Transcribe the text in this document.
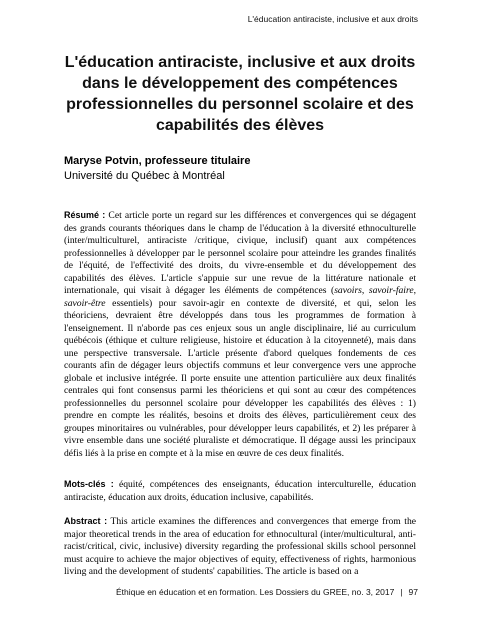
L'éducation antiraciste, inclusive et aux droits
L'éducation antiraciste, inclusive et aux droits dans le développement des compétences professionnelles du personnel scolaire et des capabilités des élèves
Maryse Potvin, professeure titulaire
Université du Québec à Montréal
Résumé : Cet article porte un regard sur les différences et convergences qui se dégagent des grands courants théoriques dans le champ de l'éducation à la diversité ethnoculturelle (inter/multiculturel, antiraciste /critique, civique, inclusif) quant aux compétences professionnelles à développer par le personnel scolaire pour atteindre les grandes finalités de l'équité, de l'effectivité des droits, du vivre-ensemble et du développement des capabilités des élèves. L'article s'appuie sur une revue de la littérature nationale et internationale, qui visait à dégager les éléments de compétences (savoirs, savoir-faire, savoir-être essentiels) pour savoir-agir en contexte de diversité, et qui, selon les théoriciens, devraient être développés dans tous les programmes de formation à l'enseignement. Il n'aborde pas ces enjeux sous un angle disciplinaire, lié au curriculum québécois (éthique et culture religieuse, histoire et éducation à la citoyenneté), mais dans une perspective transversale. L'article présente d'abord quelques fondements de ces courants afin de dégager leurs objectifs communs et leur convergence vers une approche globale et inclusive intégrée. Il porte ensuite une attention particulière aux deux finalités centrales qui font consensus parmi les théoriciens et qui sont au cœur des compétences professionnelles du personnel scolaire pour développer les capabilités des élèves : 1) prendre en compte les réalités, besoins et droits des élèves, particulièrement ceux des groupes minoritaires ou vulnérables, pour développer leurs capabilités, et 2) les préparer à vivre ensemble dans une société pluraliste et démocratique. Il dégage aussi les principaux défis liés à la prise en compte et à la mise en œuvre de ces deux finalités.
Mots-clés : équité, compétences des enseignants, éducation interculturelle, éducation antiraciste, éducation aux droits, éducation inclusive, capabilités.
Abstract : This article examines the differences and convergences that emerge from the major theoretical trends in the area of education for ethnocultural (inter/multicultural, anti-racist/critical, civic, inclusive) diversity regarding the professional skills school personnel must acquire to achieve the major objectives of equity, effectiveness of rights, harmonious living and the development of students' capabilities. The article is based on a
Éthique en éducation et en formation. Les Dossiers du GREE, no. 3, 2017 | 97
